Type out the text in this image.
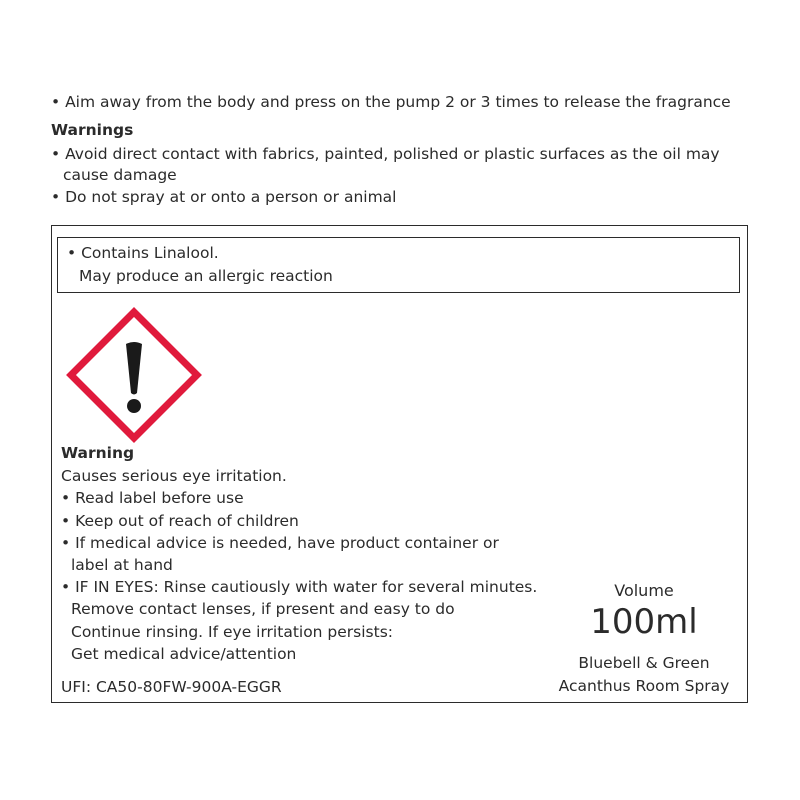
• Aim away from the body and press on the pump 2 or 3 times to release the fragrance
Warnings
• Avoid direct contact with fabrics, painted, polished or plastic surfaces as the oil may
cause damage
• Do not spray at or onto a person or animal
• Contains Linalool.
May produce an allergic reaction
Warning
Causes serious eye irritation.
• Read label before use
• Keep out of reach of children
• If medical advice is needed, have product container or
label at hand
• IF IN EYES: Rinse cautiously with water for several minutes.
Remove contact lenses, if present and easy to do
Continue rinsing. If eye irritation persists:
Get medical advice/attention
UFI: CA50-80FW-900A-EGGR
Volume
100ml
Bluebell & Green
Acanthus Room Spray
